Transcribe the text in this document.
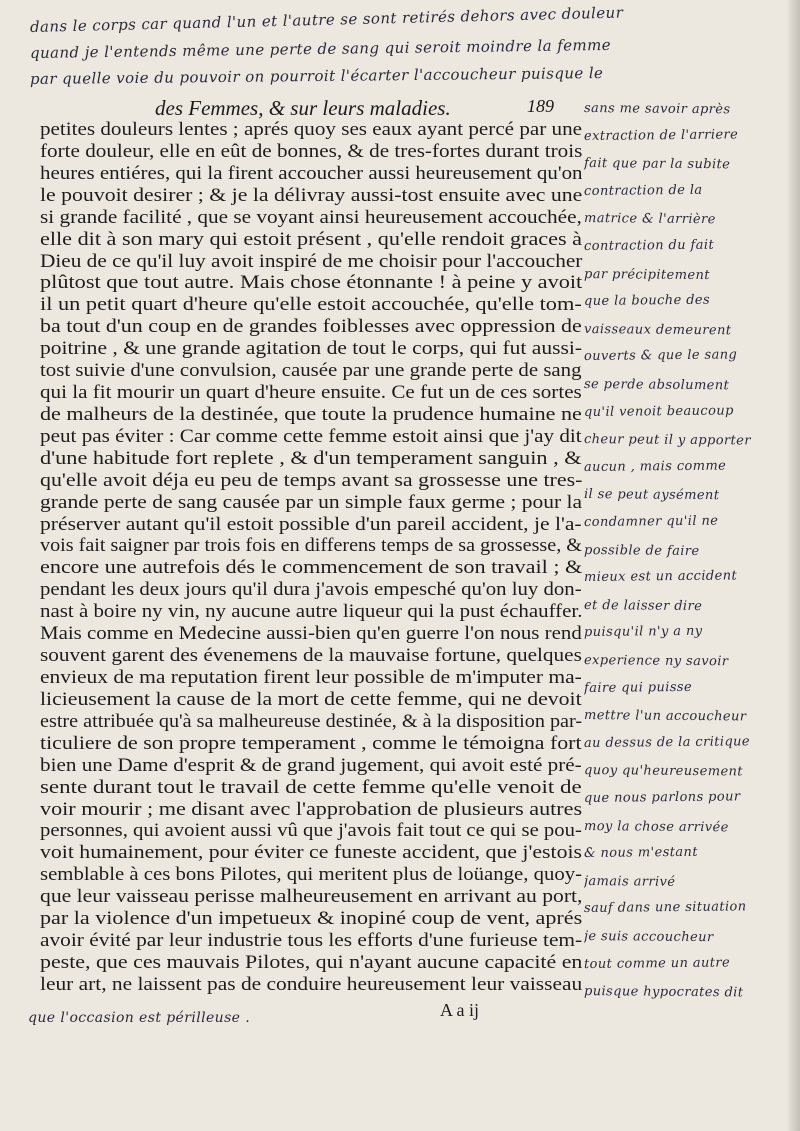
dans le corps car quand l'un et l'autre se sont retirés dehors avec douleur
quand je l'entends même une perte de sang qui seroit moindre la femme
par quelle voie du pouvoir on pourroit l'écarter l'accoucheur puisque le
des Femmes, & sur leurs maladies.	189
petites douleurs lentes ; aprés quoy ses eaux ayant percé par une
forte douleur, elle en eût de bonnes, & de tres-fortes durant trois
heures entiéres, qui la firent accoucher aussi heureusement qu'on
le pouvoit desirer ; & je la délivray aussi-tost ensuite avec une
si grande facilité , que se voyant ainsi heureusement accouchée,
elle dit à son mary qui estoit présent , qu'elle rendoit graces à
Dieu de ce qu'il luy avoit inspiré de me choisir pour l'accoucher
plûtost que tout autre. Mais chose étonnante ! à peine y avoit
il un petit quart d'heure qu'elle estoit accouchée, qu'elle tom-
ba tout d'un coup en de grandes foiblesses avec oppression de
poitrine , & une grande agitation de tout le corps, qui fut aussi-
tost suivie d'une convulsion, causée par une grande perte de sang
qui la fit mourir un quart d'heure ensuite. Ce fut un de ces sortes
de malheurs de la destinée, que toute la prudence humaine ne
peut pas éviter : Car comme cette femme estoit ainsi que j'ay dit
d'une habitude fort replete , & d'un temperament sanguin , &
qu'elle avoit déja eu peu de temps avant sa grossesse une tres-
grande perte de sang causée par un simple faux germe ; pour la
préserver autant qu'il estoit possible d'un pareil accident, je l'a-
vois fait saigner par trois fois en differens temps de sa grossesse, &
encore une autrefois dés le commencement de son travail ; &
pendant les deux jours qu'il dura j'avois empesché qu'on luy don-
nast à boire ny vin, ny aucune autre liqueur qui la pust échauffer.
Mais comme en Medecine aussi-bien qu'en guerre l'on nous rend
souvent garent des évenemens de la mauvaise fortune, quelques
envieux de ma reputation firent leur possible de m'imputer ma-
licieusement la cause de la mort de cette femme, qui ne devoit
estre attribuée qu'à sa malheureuse destinée, & à la disposition par-
ticuliere de son propre temperament , comme le témoigna fort
bien une Dame d'esprit & de grand jugement, qui avoit esté pré-
sente durant tout le travail de cette femme qu'elle venoit de
voir mourir ; me disant avec l'approbation de plusieurs autres
personnes, qui avoient aussi vû que j'avois fait tout ce qui se pou-
voit humainement, pour éviter ce funeste accident, que j'estois
semblable à ces bons Pilotes, qui meritent plus de loüange, quoy-
que leur vaisseau perisse malheureusement en arrivant au port,
par la violence d'un impetueux & inopiné coup de vent, aprés
avoir évité par leur industrie tous les efforts d'une furieuse tem-
peste, que ces mauvais Pilotes, qui n'ayant aucune capacité en
leur art, ne laissent pas de conduire heureusement leur vaisseau
sans me savoir après
extraction de l'arriere
fait que par la subite
contraction de la
matrice & l'arrière
contraction du fait
par précipitement
que la bouche des
vaisseaux demeurent
ouverts & que le sang
se perde absolument
qu'il venoit beaucoup
cheur peut il y apporter
aucun , mais comme
il se peut aysément
condamner qu'il ne
possible de faire
mieux est un accident
et de laisser dire
puisqu'il n'y a ny
experience ny savoir
faire qui puisse
mettre l'un accoucheur
au dessus de la critique
quoy qu'heureusement
que nous parlons pour
moy la chose arrivée
& nous m'estant
jamais arrivé
sauf dans une situation
je suis accoucheur
tout comme un autre
puisque hypocrates dit
que l'occasion est périlleuse .	A a ij
